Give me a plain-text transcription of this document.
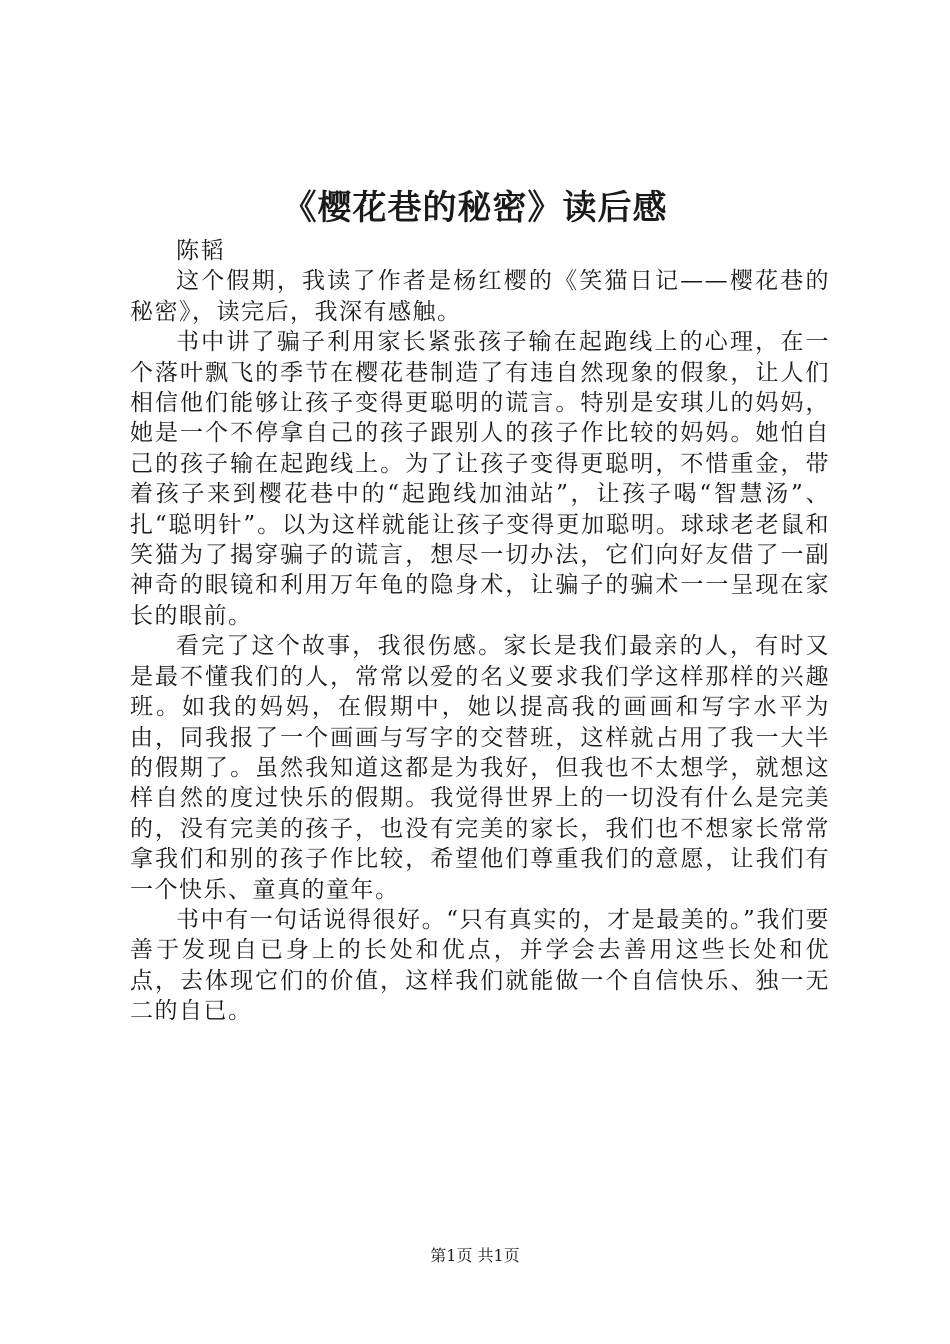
《樱花巷的秘密》读后感

陈韬

这个假期，我读了作者是杨红樱的《笑猫日记——樱花巷的秘密》，读完后，我深有感触。

书中讲了骗子利用家长紧张孩子输在起跑线上的心理，在一个落叶飘飞的季节在樱花巷制造了有违自然现象的假象，让人们相信他们能够让孩子变得更聪明的谎言。特别是安琪儿的妈妈，她是一个不停拿自己的孩子跟别人的孩子作比较的妈妈。她怕自己的孩子输在起跑线上。为了让孩子变得更聪明，不惜重金，带着孩子来到樱花巷中的“起跑线加油站”，让孩子喝“智慧汤”、扎“聪明针”。以为这样就能让孩子变得更加聪明。球球老老鼠和笑猫为了揭穿骗子的谎言，想尽一切办法，它们向好友借了一副神奇的眼镜和利用万年龟的隐身术，让骗子的骗术一一呈现在家长的眼前。

看完了这个故事，我很伤感。家长是我们最亲的人，有时又是最不懂我们的人，常常以爱的名义要求我们学这样那样的兴趣班。如我的妈妈，在假期中，她以提高我的画画和写字水平为由，同我报了一个画画与写字的交替班，这样就占用了我一大半的假期了。虽然我知道这都是为我好，但我也不太想学，就想这样自然的度过快乐的假期。我觉得世界上的一切没有什么是完美的，没有完美的孩子，也没有完美的家长，我们也不想家长常常拿我们和别的孩子作比较，希望他们尊重我们的意愿，让我们有一个快乐、童真的童年。

书中有一句话说得很好。“只有真实的，才是最美的。”我们要善于发现自已身上的长处和优点，并学会去善用这些长处和优点，去体现它们的价值，这样我们就能做一个自信快乐、独一无二的自已。

第1页 共1页
